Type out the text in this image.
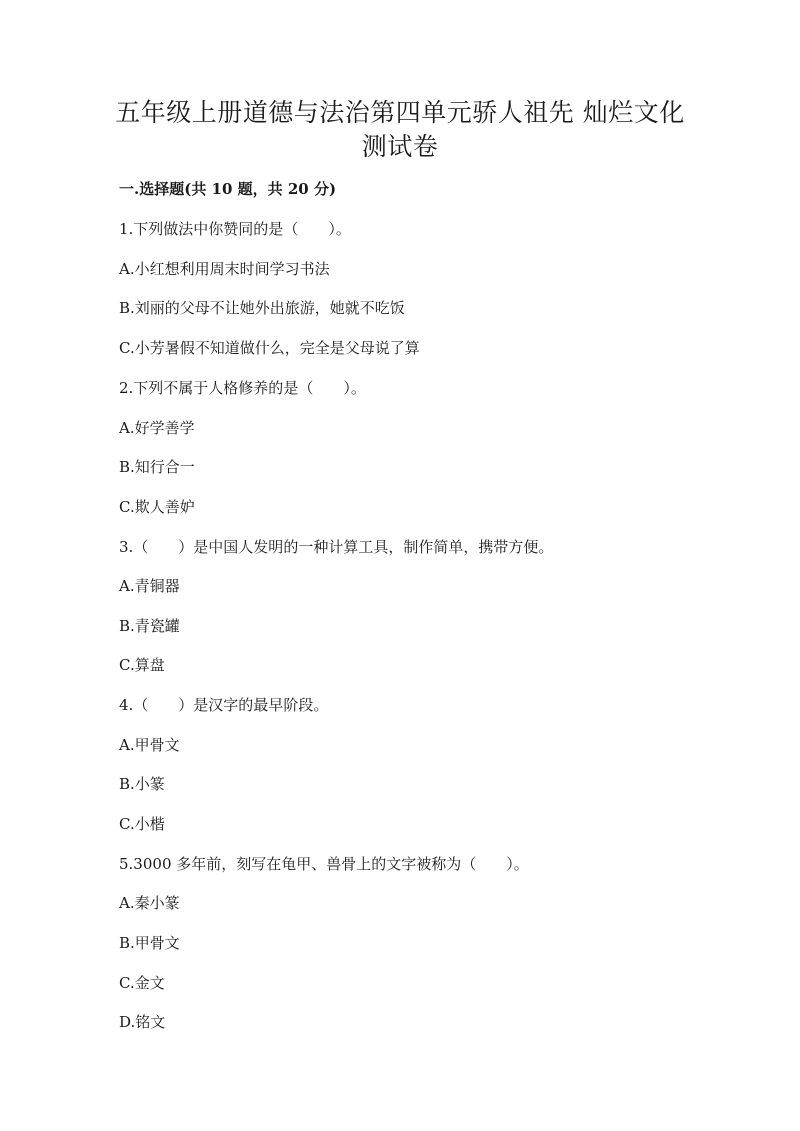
五年级上册道德与法治第四单元骄人祖先 灿烂文化
测试卷

一.选择题(共 10 题，共 20 分)

1.下列做法中你赞同的是（　　）。

A.小红想利用周末时间学习书法

B.刘丽的父母不让她外出旅游，她就不吃饭

C.小芳暑假不知道做什么，完全是父母说了算

2.下列不属于人格修养的是（　　）。

A.好学善学

B.知行合一

C.欺人善妒

3.（　　）是中国人发明的一种计算工具，制作简单，携带方便。

A.青铜器

B.青瓷罐

C.算盘

4.（　　）是汉字的最早阶段。

A.甲骨文

B.小篆

C.小楷

5.3000 多年前，刻写在龟甲、兽骨上的文字被称为（　　）。

A.秦小篆

B.甲骨文

C.金文

D.铭文
